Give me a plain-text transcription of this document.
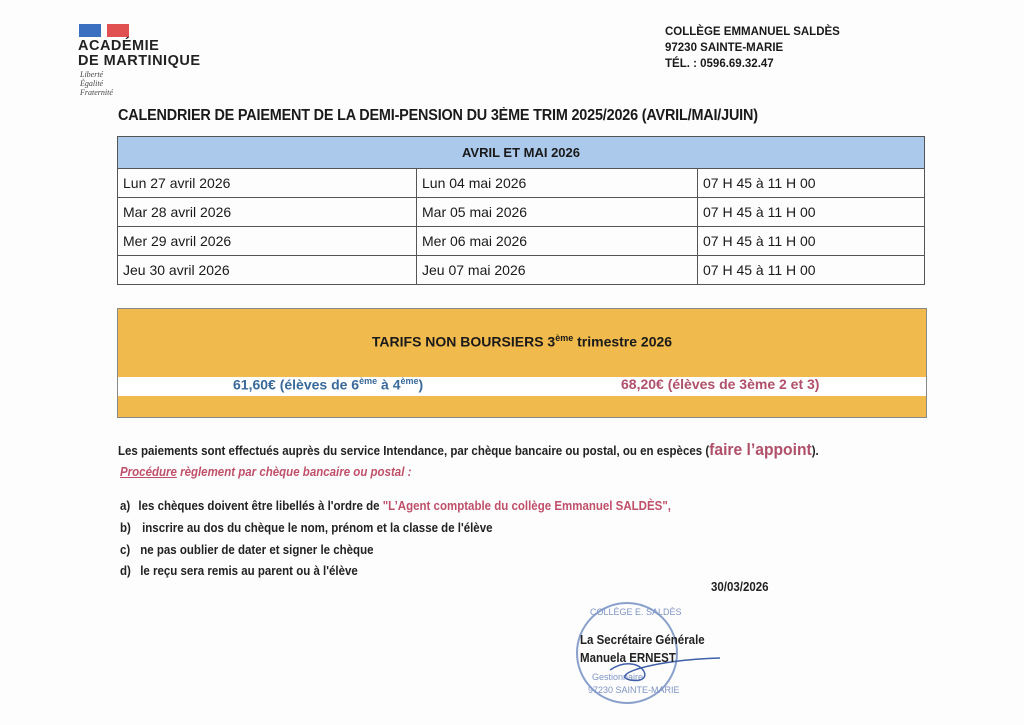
ACADÉMIE
DE MARTINIQUE
Liberté
Égalité
Fraternité
COLLÈGE EMMANUEL SALDÈS
97230 SAINTE-MARIE
TÉL. : 0596.69.32.47
CALENDRIER DE PAIEMENT DE LA DEMI-PENSION DU 3ÈME TRIM 2025/2026 (AVRIL/MAI/JUIN)
AVRIL ET MAI 2026		
Lun 27 avril 2026	Lun 04 mai 2026	07 H 45 à 11 H 00
Mar 28 avril 2026	Mar 05 mai 2026	07 H 45 à 11 H 00
Mer 29 avril 2026	Mer 06 mai 2026	07 H 45 à 11 H 00
Jeu 30 avril 2026	Jeu 07 mai 2026	07 H 45 à 11 H 00
TARIFS NON BOURSIERS 3ème trimestre 2026
61,60€ (élèves de 6ème à 4ème)	68,20€ (élèves de 3ème 2 et 3)
Les paiements sont effectués auprès du service Intendance, par chèque bancaire ou postal, ou en espèces (faire l’appoint).
Procédure règlement par chèque bancaire ou postal :
a) les chèques doivent être libellés à l'ordre de "L’Agent comptable du collège Emmanuel SALDÈS",
b) inscrire au dos du chèque le nom, prénom et la classe de l'élève
c) ne pas oublier de dater et signer le chèque
d) le reçu sera remis au parent ou à l'élève
30/03/2026
COLLÈGE E. SALDÈS
Gestionnaire
97230 SAINTE-MARIE
La Secrétaire Générale
Manuela ERNEST
